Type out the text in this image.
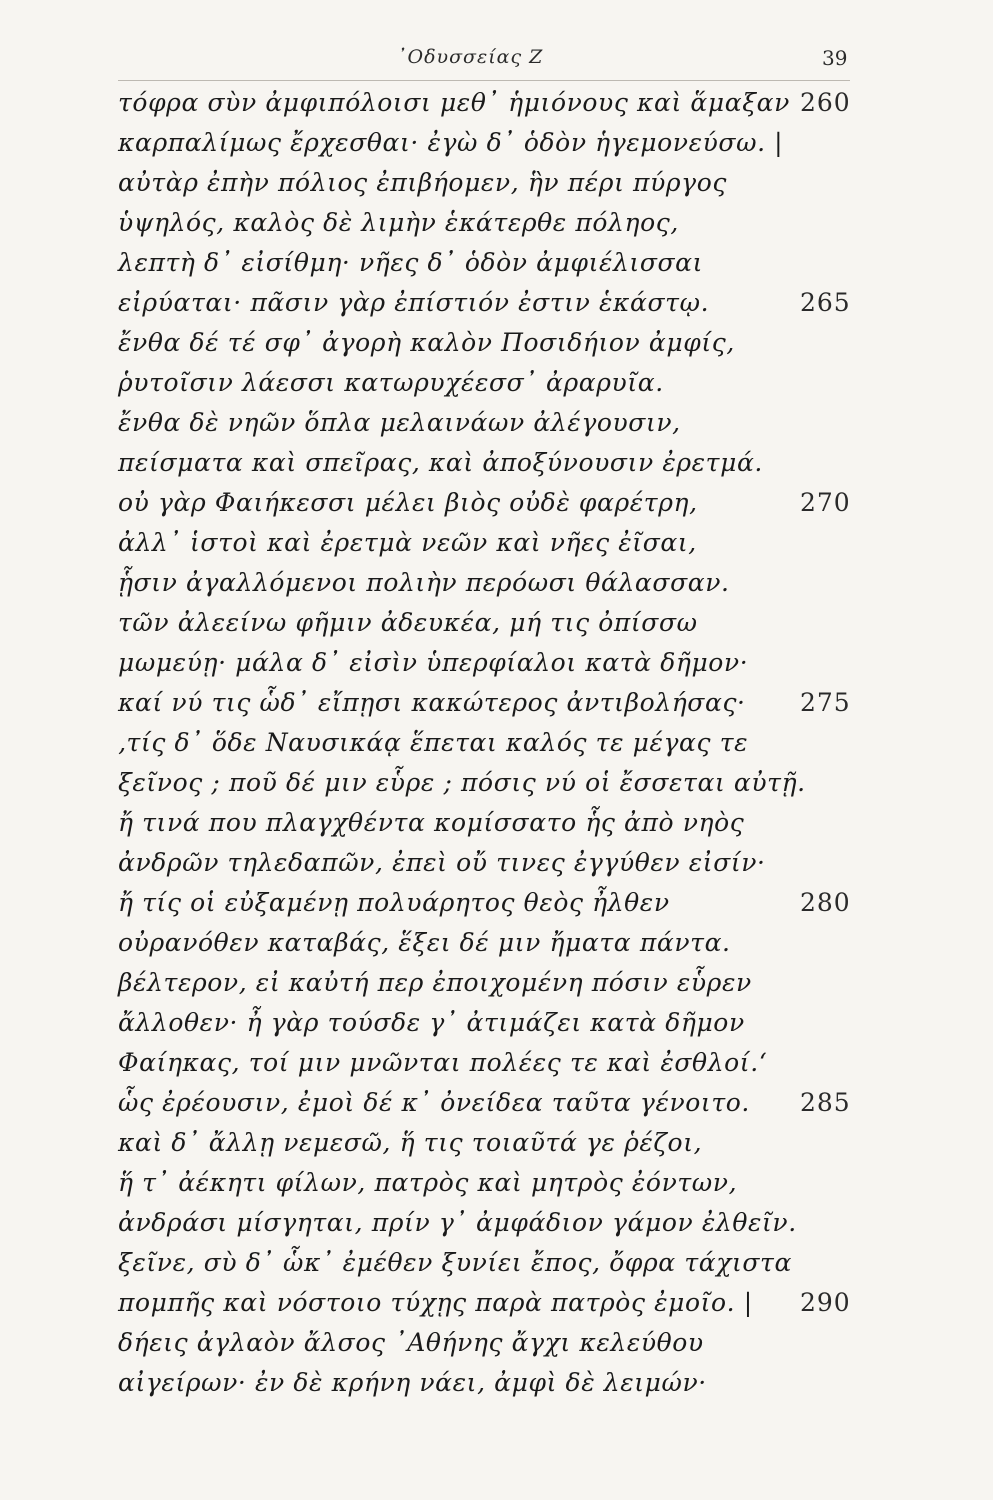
᾿Οδυσσείας Ζ	39
τόφρα σὺν ἀμφιπόλοισι μεθ᾿ ἡμιόνους καὶ ἅμαξαν
καρπαλίμως ἔρχεσθαι· ἐγὼ δ᾿ ὁδὸν ἡγεμονεύσω. |
αὐτὰρ ἐπὴν πόλιος ἐπιβήομεν, ἣν πέρι πύργος
ὑψηλός, καλὸς δὲ λιμὴν ἑκάτερθε πόληος,
λεπτὴ δ᾿ εἰσίθμη· νῆες δ᾿ ὁδὸν ἀμφιέλισσαι
εἰρύαται· πᾶσιν γὰρ ἐπίστιόν ἐστιν ἑκάστῳ.
ἔνθα δέ τέ σφ᾿ ἀγορὴ καλὸν Ποσιδήιον ἀμφίς,
ῥυτοῖσιν λάεσσι κατωρυχέεσσ᾿ ἀραρυῖα.
ἔνθα δὲ νηῶν ὅπλα μελαινάων ἀλέγουσιν,
πείσματα καὶ σπεῖρας, καὶ ἀποξύνουσιν ἐρετμά.
οὐ γὰρ Φαιήκεσσι μέλει βιὸς οὐδὲ φαρέτρη,
ἀλλ᾿ ἱστοὶ καὶ ἐρετμὰ νεῶν καὶ νῆες ἐῖσαι,
ᾗσιν ἀγαλλόμενοι πολιὴν περόωσι θάλασσαν.
τῶν ἀλεείνω φῆμιν ἀδευκέα, μή τις ὀπίσσω
μωμεύῃ· μάλα δ᾿ εἰσὶν ὑπερφίαλοι κατὰ δῆμον·
καί νύ τις ὧδ᾿ εἴπῃσι κακώτερος ἀντιβολήσας·
‚τίς δ᾿ ὅδε Ναυσικάᾳ ἕπεται καλός τε μέγας τε
ξεῖνος ; ποῦ δέ μιν εὗρε ; πόσις νύ οἱ ἔσσεται αὐτῇ.
ἤ τινά που πλαγχθέντα κομίσσατο ἧς ἀπὸ νηὸς
ἀνδρῶν τηλεδαπῶν, ἐπεὶ οὔ τινες ἐγγύθεν εἰσίν·
ἤ τίς οἱ εὐξαμένῃ πολυάρητος θεὸς ἦλθεν
οὐρανόθεν καταβάς, ἕξει δέ μιν ἤματα πάντα.
βέλτερον, εἰ καὐτή περ ἐποιχομένη πόσιν εὗρεν
ἄλλοθεν· ἦ γὰρ τούσδε γ᾿ ἀτιμάζει κατὰ δῆμον
Φαίηκας, τοί μιν μνῶνται πολέες τε καὶ ἐσθλοί.‘
ὧς ἐρέουσιν, ἐμοὶ δέ κ᾿ ὀνείδεα ταῦτα γένοιτο.
καὶ δ᾿ ἄλλῃ νεμεσῶ, ἥ τις τοιαῦτά γε ῥέζοι,
ἥ τ᾿ ἀέκητι φίλων, πατρὸς καὶ μητρὸς ἐόντων,
ἀνδράσι μίσγηται, πρίν γ᾿ ἀμφάδιον γάμον ἐλθεῖν.
ξεῖνε, σὺ δ᾿ ὧκ᾿ ἐμέθεν ξυνίει ἔπος, ὄφρα τάχιστα
πομπῆς καὶ νόστοιο τύχῃς παρὰ πατρὸς ἐμοῖο. |
δήεις ἀγλαὸν ἄλσος ᾿Αθήνης ἄγχι κελεύθου
αἰγείρων· ἐν δὲ κρήνη νάει, ἀμφὶ δὲ λειμών·
260
265
270
275
280
285
290
